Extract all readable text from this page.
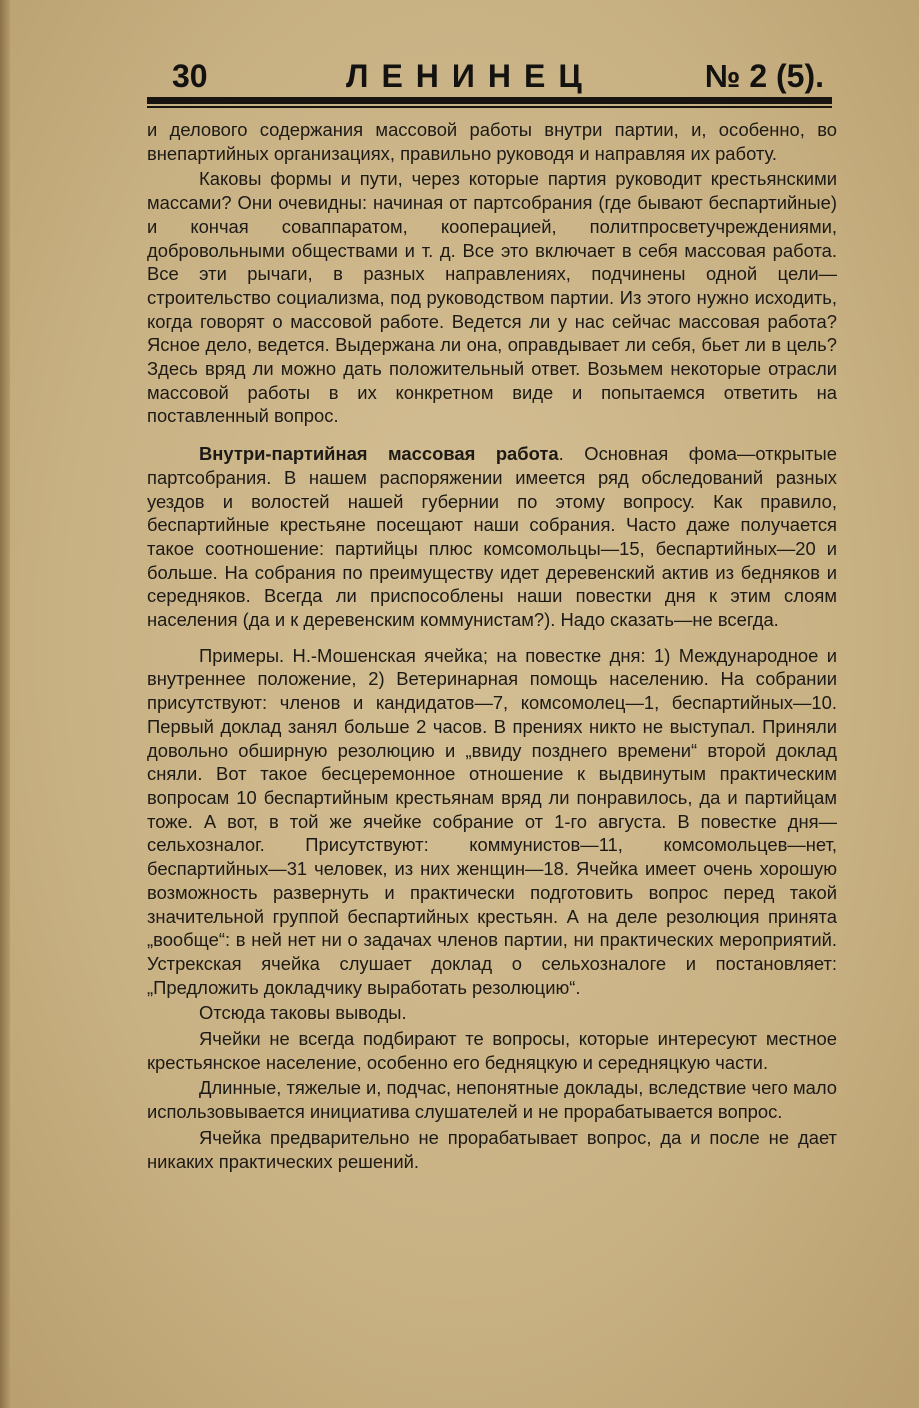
30	ЛЕНИНЕЦ	№ 2 (5).

и делового содержания массовой работы внутри партии, и, особенно, во внепартийных организациях, правильно руководя и направляя их работу.

Каковы формы и пути, через которые партия руководит крестьянскими массами? Они очевидны: начиная от партсобрания (где бывают беспартийные) и кончая совaппаратом, кооперацией, политпросветучреждениями, добровольными обществами и т. д. Все это включает в себя массовая работа. Все эти рычаги, в разных направлениях, подчинены одной цели— строительство социализма, под руководством партии. Из этого нужно исходить, когда говорят о массовой работе. Ведется ли у нас сейчас массовая работа? Ясное дело, ведется. Выдержана ли она, оправдывает ли себя, бьет ли в цель? Здесь вряд ли можно дать положительный ответ. Возьмем некоторые отрасли массовой работы в их конкретном виде и попытаемся ответить на поставленный вопрос.

Внутри-партийная массовая работа. Основная фома—открытые партсобрания. В нашем распоряжении имеется ряд обследований разных уездов и волостей нашей губернии по этому вопросу. Как правило, беспартийные крестьяне посещают наши собрания. Часто даже получается такое соотношение: партийцы плюс комсомольцы—15, беспартийных—20 и больше. На собрания по преимуществу идет деревенский актив из бедняков и середняков. Всегда ли приспособлены наши повестки дня к этим слоям населения (да и к деревенским коммунистам?). Надо сказать—не всегда.

Примеры. Н.-Мошенская ячейка; на повестке дня: 1) Международное и внутреннее положение, 2) Ветеринарная помощь населению. На собрании присутствуют: членов и кандидатов—7, комсомолец—1, беспартийных—10. Первый доклад занял больше 2 часов. В прениях никто не выступал. Приняли довольно обширную резолюцию и „ввиду позднего времени“ второй доклад сняли. Вот такое бесцеремонное отношение к выдвинутым практическим вопросам 10 беспартийным крестьянам вряд ли понравилось, да и партийцам тоже. А вот, в той же ячейке собрание от 1-го августа. В повестке дня—сельхозналог. Присутствуют: коммунистов—11, комсомольцев—нет, беспартийных—31 человек, из них женщин—18. Ячейка имеет очень хорошую возможность развернуть и практически подготовить вопрос перед такой значительной группой беспартийных крестьян. А на деле резолюция принята „вообще“: в ней нет ни о задачах членов партии, ни практических мероприятий. Устрекская ячейка слушает доклад о сельхозналоге и постановляет: „Предложить докладчику выработать резолюцию“.

Отсюда таковы выводы.

Ячейки не всегда подбирают те вопросы, которые интересуют местное крестьянское население, особенно его бедняцкую и середняцкую части.

Длинные, тяжелые и, подчас, непонятные доклады, вследствие чего мало использовывается инициатива слушателей и не прорабатывается вопрос.

Ячейка предварительно не прорабатывает вопрос, да и после не дает никаких практических решений.
